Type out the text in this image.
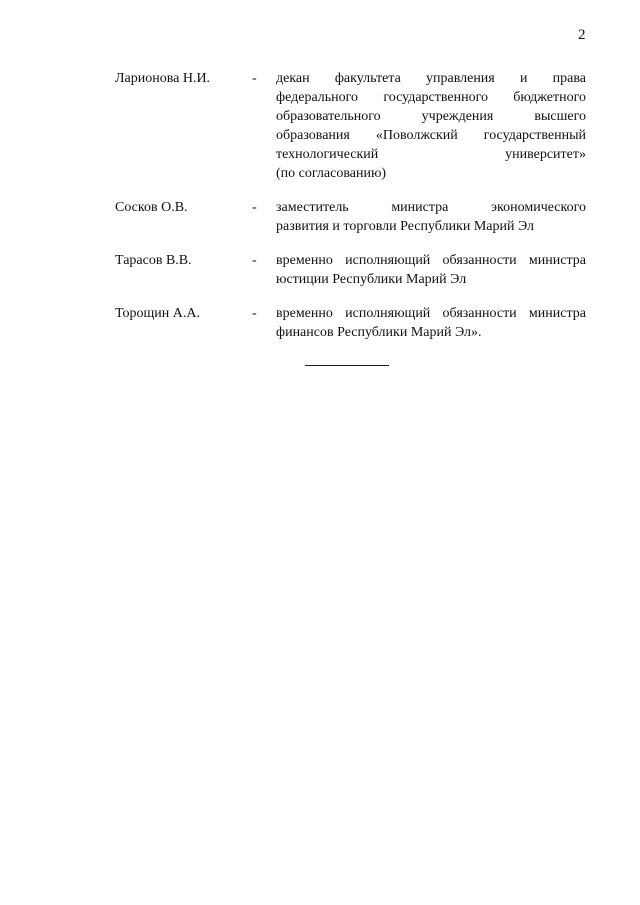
2
Ларионова Н.И.	-	декан факультета управления и права
федерального государственного бюджетного
образовательного учреждения высшего
образования «Поволжский государственный
технологический университет»
(по согласованию)
Сосков О.В.	-	заместитель министра экономического
развития и торговли Республики Марий Эл
Тарасов В.В.	-	временно исполняющий обязанности министра
юстиции Республики Марий Эл
Торощин А.А.	-	временно исполняющий обязанности министра
финансов Республики Марий Эл».
